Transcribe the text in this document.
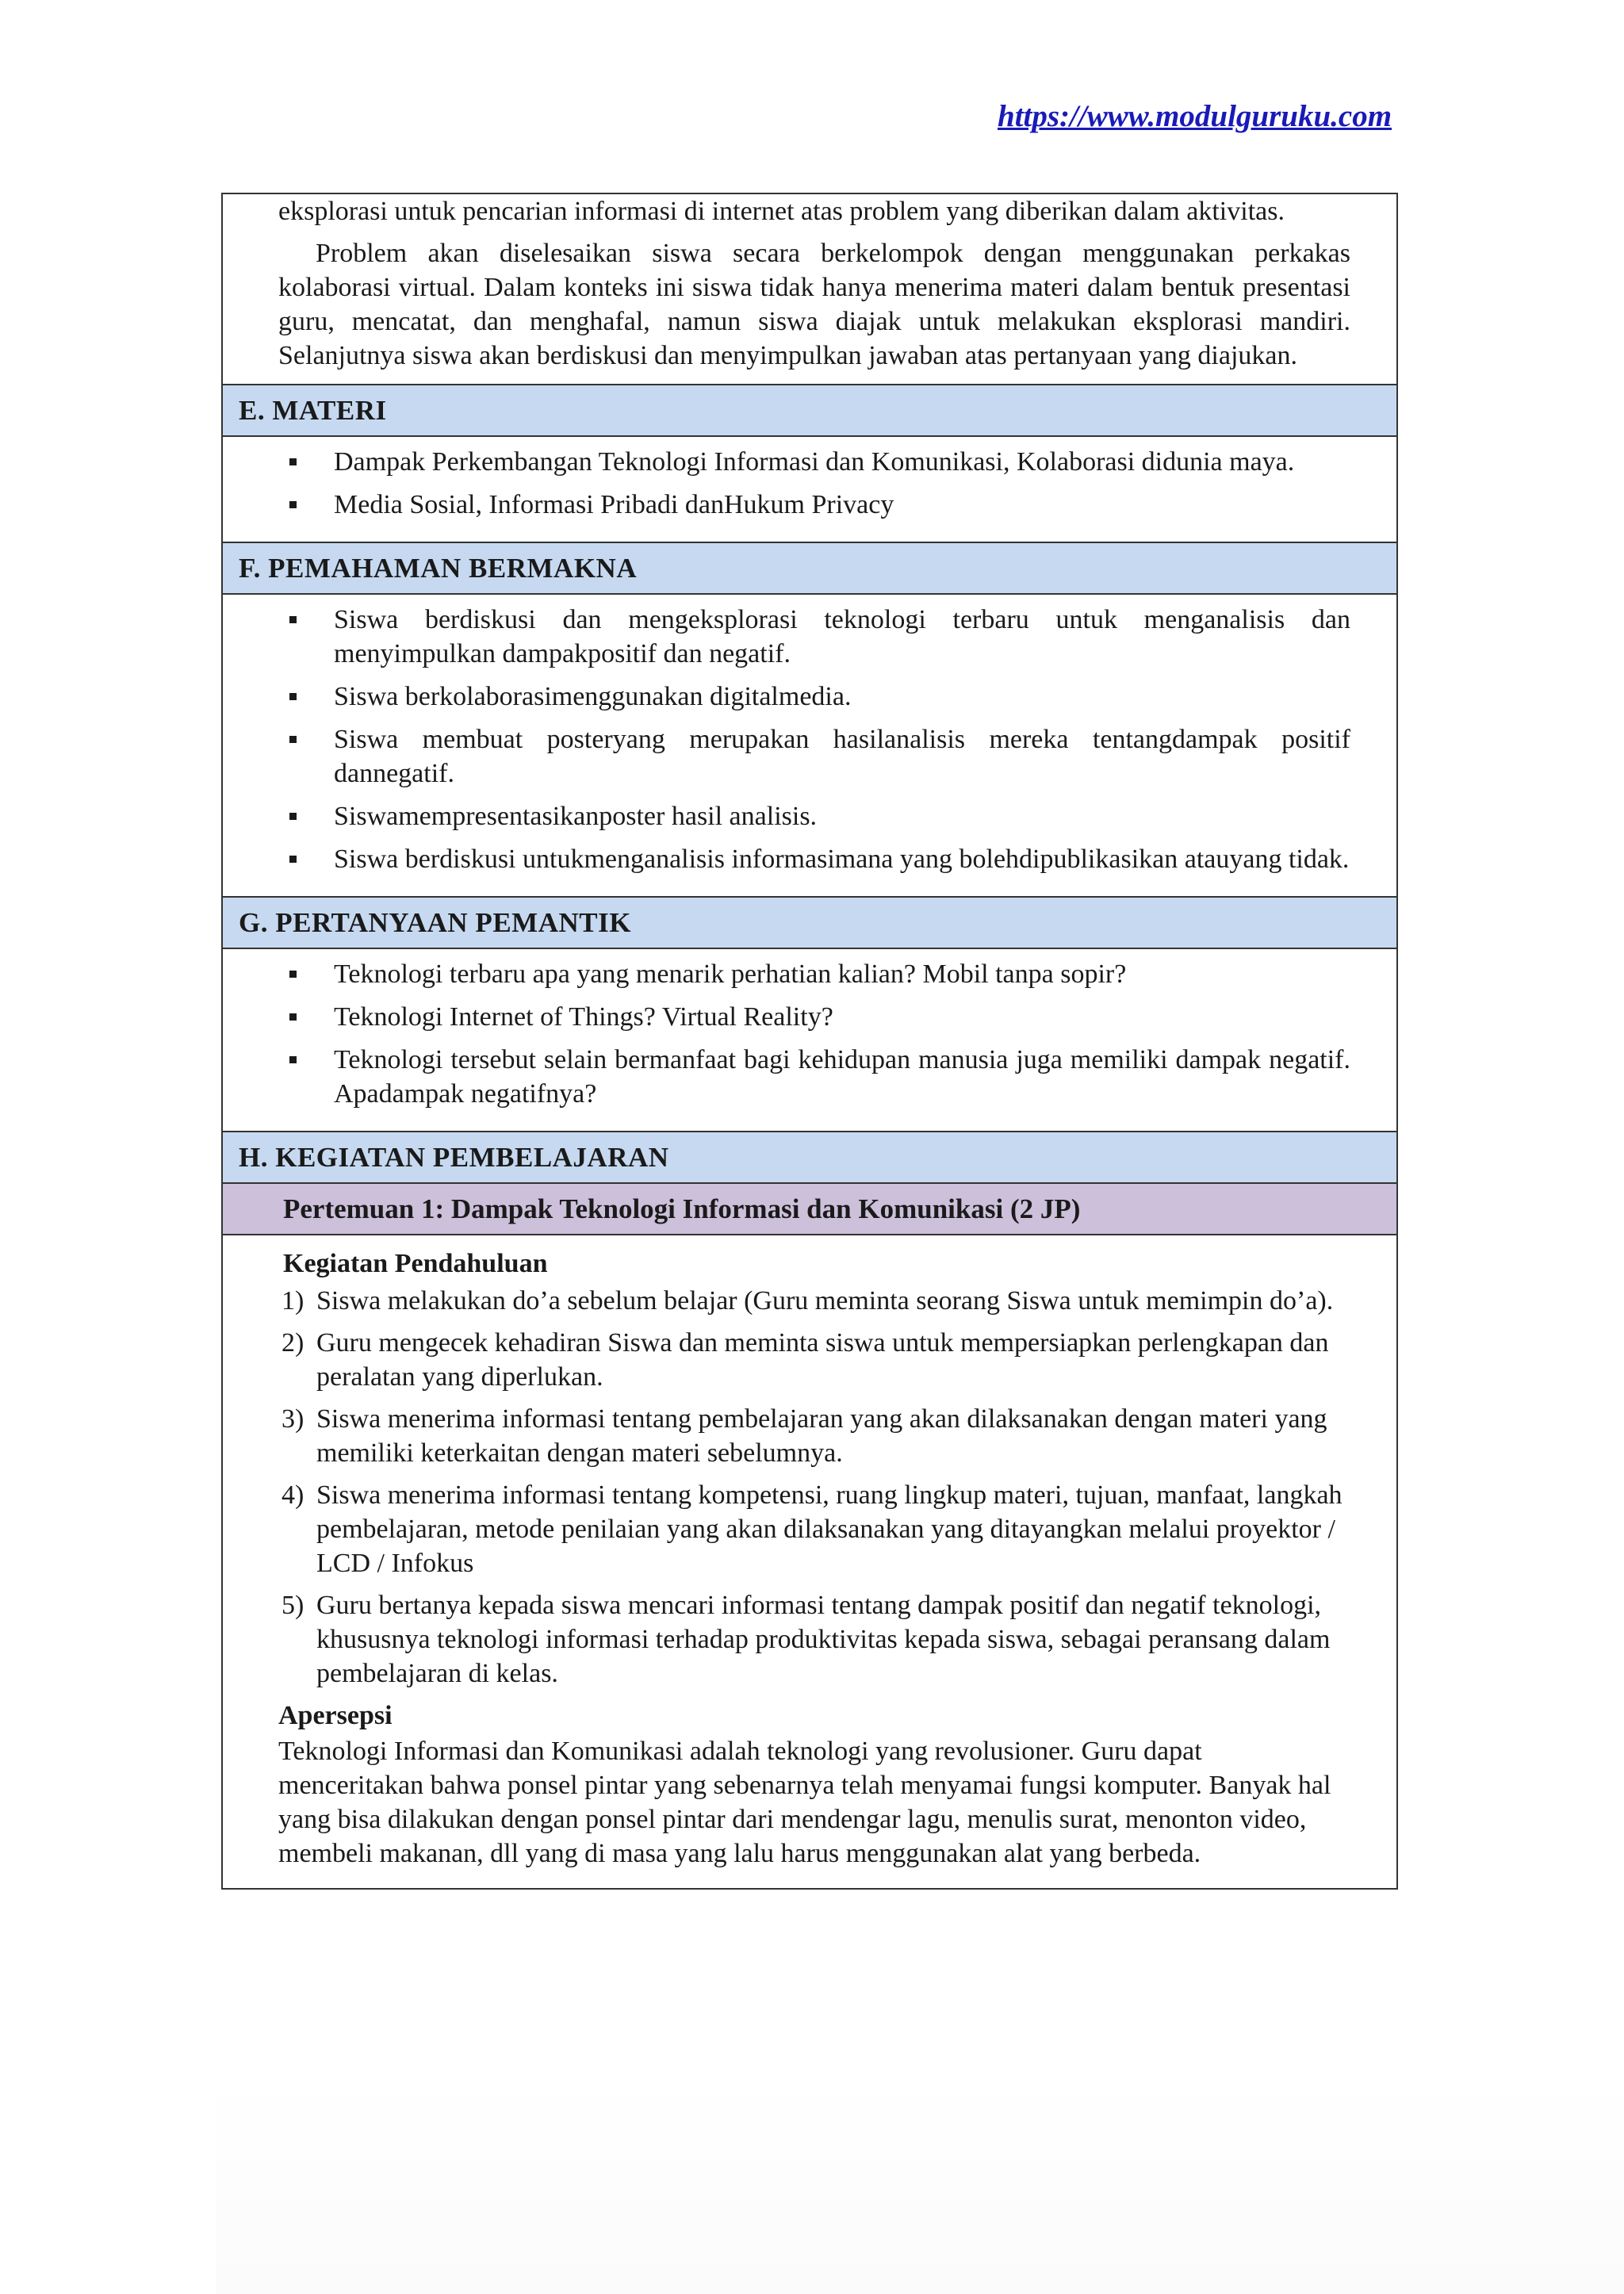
https://www.modulguruku.com

eksplorasi untuk pencarian informasi di internet atas problem yang diberikan dalam aktivitas.

Problem akan diselesaikan siswa secara berkelompok dengan menggunakan perkakas kolaborasi virtual. Dalam konteks ini siswa tidak hanya menerima materi dalam bentuk presentasi guru, mencatat, dan menghafal, namun siswa diajak untuk melakukan eksplorasi mandiri. Selanjutnya siswa akan berdiskusi dan menyimpulkan jawaban atas pertanyaan yang diajukan.

E. MATERI

Dampak Perkembangan Teknologi Informasi dan Komunikasi, Kolaborasi didunia maya.
Media Sosial, Informasi Pribadi danHukum Privacy

F. PEMAHAMAN BERMAKNA

Siswa berdiskusi dan mengeksplorasi teknologi terbaru untuk menganalisis dan menyimpulkan dampakpositif dan negatif.
Siswa berkolaborasimenggunakan digitalmedia.
Siswa membuat posteryang merupakan hasilanalisis mereka tentangdampak positif dannegatif.
Siswamempresentasikanposter hasil analisis.
Siswa berdiskusi untukmenganalisis informasimana yang bolehdipublikasikan atauyang tidak.

G. PERTANYAAN PEMANTIK

Teknologi terbaru apa yang menarik perhatian kalian? Mobil tanpa sopir?
Teknologi Internet of Things? Virtual Reality?
Teknologi tersebut selain bermanfaat bagi kehidupan manusia juga memiliki dampak negatif. Apadampak negatifnya?

H. KEGIATAN PEMBELAJARAN
Pertemuan 1: Dampak Teknologi Informasi dan Komunikasi (2 JP)

Kegiatan Pendahuluan
1) Siswa melakukan do’a sebelum belajar (Guru meminta seorang Siswa untuk memimpin do’a).
2) Guru mengecek kehadiran Siswa dan meminta siswa untuk mempersiapkan perlengkapan dan peralatan yang diperlukan.
3) Siswa menerima informasi tentang pembelajaran yang akan dilaksanakan dengan materi yang memiliki keterkaitan dengan materi sebelumnya.
4) Siswa menerima informasi tentang kompetensi, ruang lingkup materi, tujuan, manfaat, langkah pembelajaran, metode penilaian yang akan dilaksanakan yang ditayangkan melalui proyektor / LCD / Infokus
5) Guru bertanya kepada siswa mencari informasi tentang dampak positif dan negatif teknologi, khususnya teknologi informasi terhadap produktivitas kepada siswa, sebagai peransang dalam pembelajaran di kelas.
Apersepsi

Teknologi Informasi dan Komunikasi adalah teknologi yang revolusioner. Guru dapat menceritakan bahwa ponsel pintar yang sebenarnya telah menyamai fungsi komputer. Banyak hal yang bisa dilakukan dengan ponsel pintar dari mendengar lagu, menulis surat, menonton video, membeli makanan, dll yang di masa yang lalu harus menggunakan alat yang berbeda.
